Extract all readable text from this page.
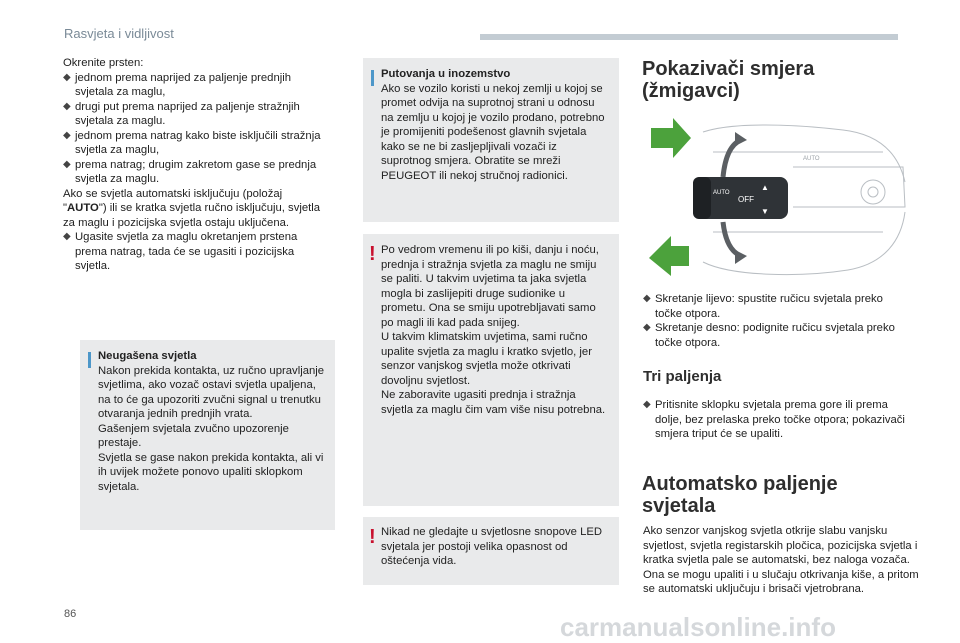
Rasvjeta i vidljivost
Okrenite prsten:
◆ jednom prema naprijed za paljenje prednjih svjetala za maglu,
◆ drugi put prema naprijed za paljenje stražnjih svjetala za maglu.
◆ jednom prema natrag kako biste isključili stražnja svjetla za maglu,
◆ prema natrag; drugim zakretom gase se prednja svjetla za maglu.
Ako se svjetla automatski isključuju (položaj "AUTO") ili se kratka svjetla ručno isključuju, svjetla za maglu i pozicijska svjetla ostaju uključena.
◆ Ugasite svjetla za maglu okretanjem prstena prema natrag, tada će se ugasiti i pozicijska svjetla.
Neugašena svjetla
Nakon prekida kontakta, uz ručno upravljanje svjetlima, ako vozač ostavi svjetla upaljena, na to će ga upozoriti zvučni signal u trenutku otvaranja jednih prednjih vrata.
Gašenjem svjetala zvučno upozorenje prestaje.
Svjetla se gase nakon prekida kontakta, ali vi ih uvijek možete ponovo upaliti sklopkom svjetala.
Putovanja u inozemstvo
Ako se vozilo koristi u nekoj zemlji u kojoj se promet odvija na suprotnoj strani u odnosu na zemlju u kojoj je vozilo prodano, potrebno je promijeniti podešenost glavnih svjetala kako se ne bi zasljepljivali vozači iz suprotnog smjera. Obratite se mreži PEUGEOT ili nekoj stručnoj radionici.
! Po vedrom vremenu ili po kiši, danju i noću, prednja i stražnja svjetla za maglu ne smiju se paliti. U takvim uvjetima ta jaka svjetla mogla bi zaslijepiti druge sudionike u prometu. Ona se smiju upotrebljavati samo po magli ili kad pada snijeg.
U takvim klimatskim uvjetima, sami ručno upalite svjetla za maglu i kratko svjetlo, jer senzor vanjskog svjetla može otkrivati dovoljnu svjetlost.
Ne zaboravite ugasiti prednja i stražnja svjetla za maglu čim vam više nisu potrebna.
! Nikad ne gledajte u svjetlosne snopove LED svjetala jer postoji velika opasnost od oštećenja vida.
Pokazivači smjera
(žmigavci)
AUTO
OFF
▲
▼
AUTO
◆ Skretanje lijevo: spustite ručicu svjetala preko točke otpora.
◆ Skretanje desno: podignite ručicu svjetala preko točke otpora.
Tri paljenja
◆ Pritisnite sklopku svjetala prema gore ili prema dolje, bez prelaska preko točke otpora; pokazivači smjera triput će se upaliti.
Automatsko paljenje
svjetala
Ako senzor vanjskog svjetla otkrije slabu vanjsku svjetlost, svjetla registarskih pločica, pozicijska svjetla i kratka svjetla pale se automatski, bez naloga vozača. Ona se mogu upaliti i u slučaju otkrivanja kiše, a pritom se automatski uključuju i brisači vjetrobrana.
86	carmanualsonline.info
